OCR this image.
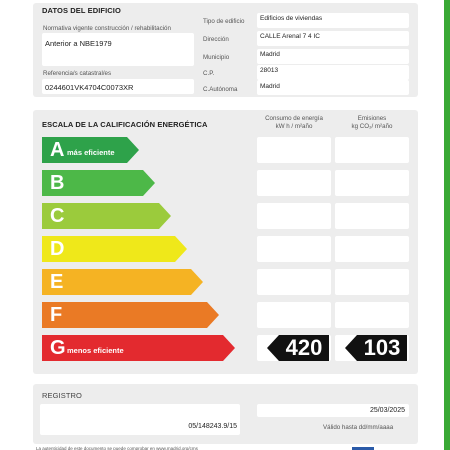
DATOS DEL EDIFICIO
Normativa vigente construcción / rehabilitación
Anterior a NBE1979
Referencia/s catastral/es
0244601VK4704C0073XR
Tipo de edificio Edificios de viviendas
Dirección	CALLE Arenal 7 4 IC
Municipio	Madrid
C.P.	28013
C.Autónoma	Madrid
ESCALA DE LA CALIFICACIÓN ENERGÉTICA
Consumo de energía
kW h / m²año
Emisiones
kg CO₂/ m²año
A más eficiente
B
C
D
E
F
G menos eficiente	420	103
REGISTRO
05/148243.9/15
25/03/2025
Válido hasta dd/mm/aaaa
La autenticidad de este documento se puede comprobar en www.madrid.org/cms
